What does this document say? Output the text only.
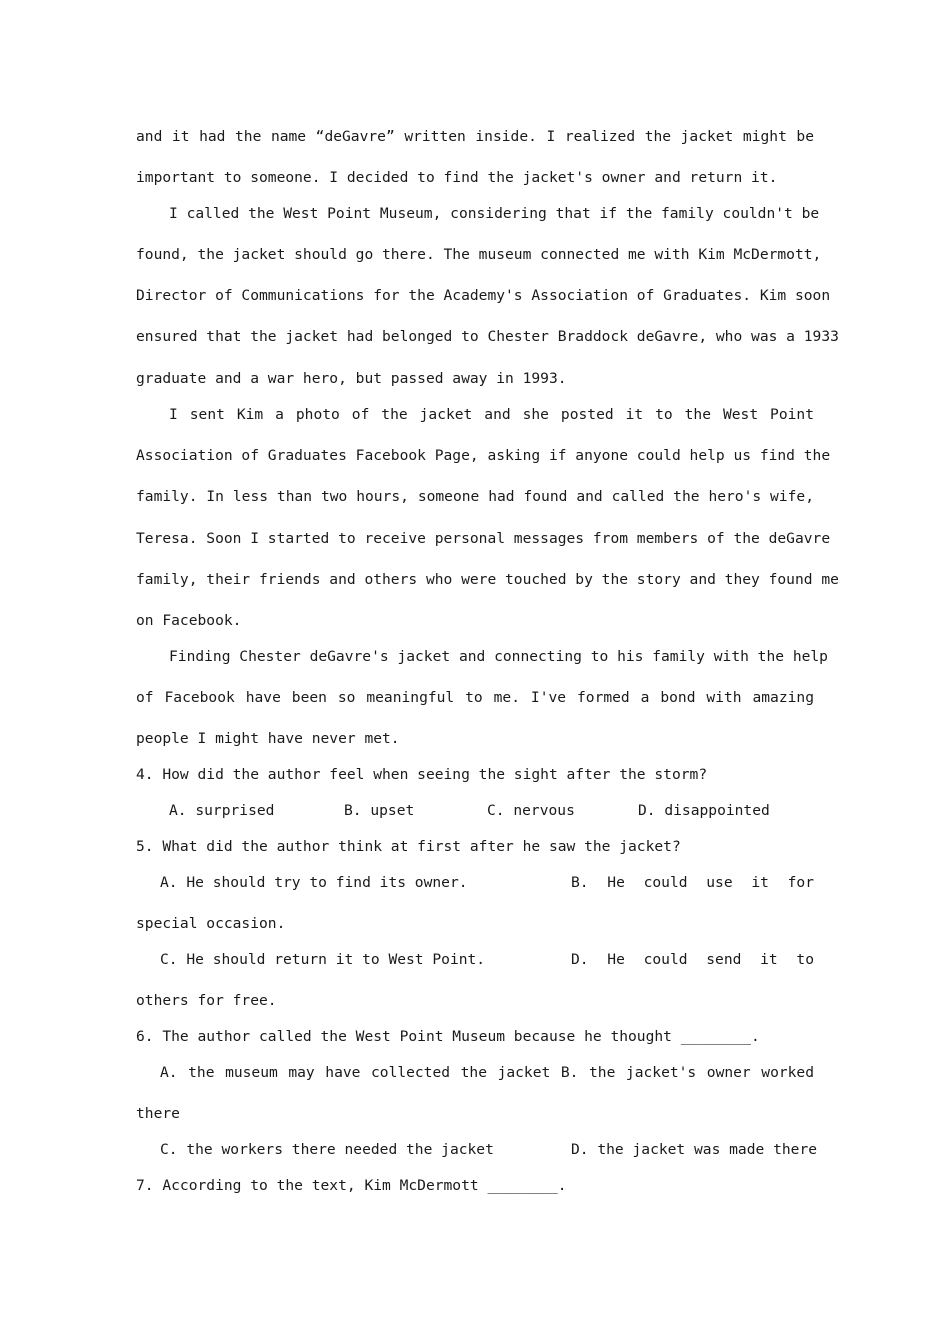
and it had the name “deGavre” written inside. I realized the jacket might be
important to someone. I decided to find the jacket's owner and return it.
I called the West Point Museum, considering that if the family couldn't be
found, the jacket should go there. The museum connected me with Kim McDermott,
Director of Communications for the Academy's Association of Graduates. Kim soon
ensured that the jacket had belonged to Chester Braddock deGavre, who was a 1933
graduate and a war hero, but passed away in 1993.
I sent Kim a photo of the jacket and she posted it to the West Point
Association of Graduates Facebook Page, asking if anyone could help us find the
family. In less than two hours, someone had found and called the hero's wife,
Teresa. Soon I started to receive personal messages from members of the deGavre
family, their friends and others who were touched by the story and they found me
on Facebook.
Finding Chester deGavre's jacket and connecting to his family with the help
of Facebook have been so meaningful to me. I've formed a bond with amazing
people I might have never met.
4. How did the author feel when seeing the sight after the storm?
A. surprised	B. upset	C. nervous	D. disappointed
5. What did the author think at first after he saw the jacket?
A. He should try to find its owner.	B. He could use it for
special occasion.
C. He should return it to West Point.	D. He could send it to
others for free.
6. The author called the West Point Museum because he thought ________.
A. the museum may have collected the jacket B. the jacket's owner worked
there
C. the workers there needed the jacket	D. the jacket was made there
7. According to the text, Kim McDermott ________.
